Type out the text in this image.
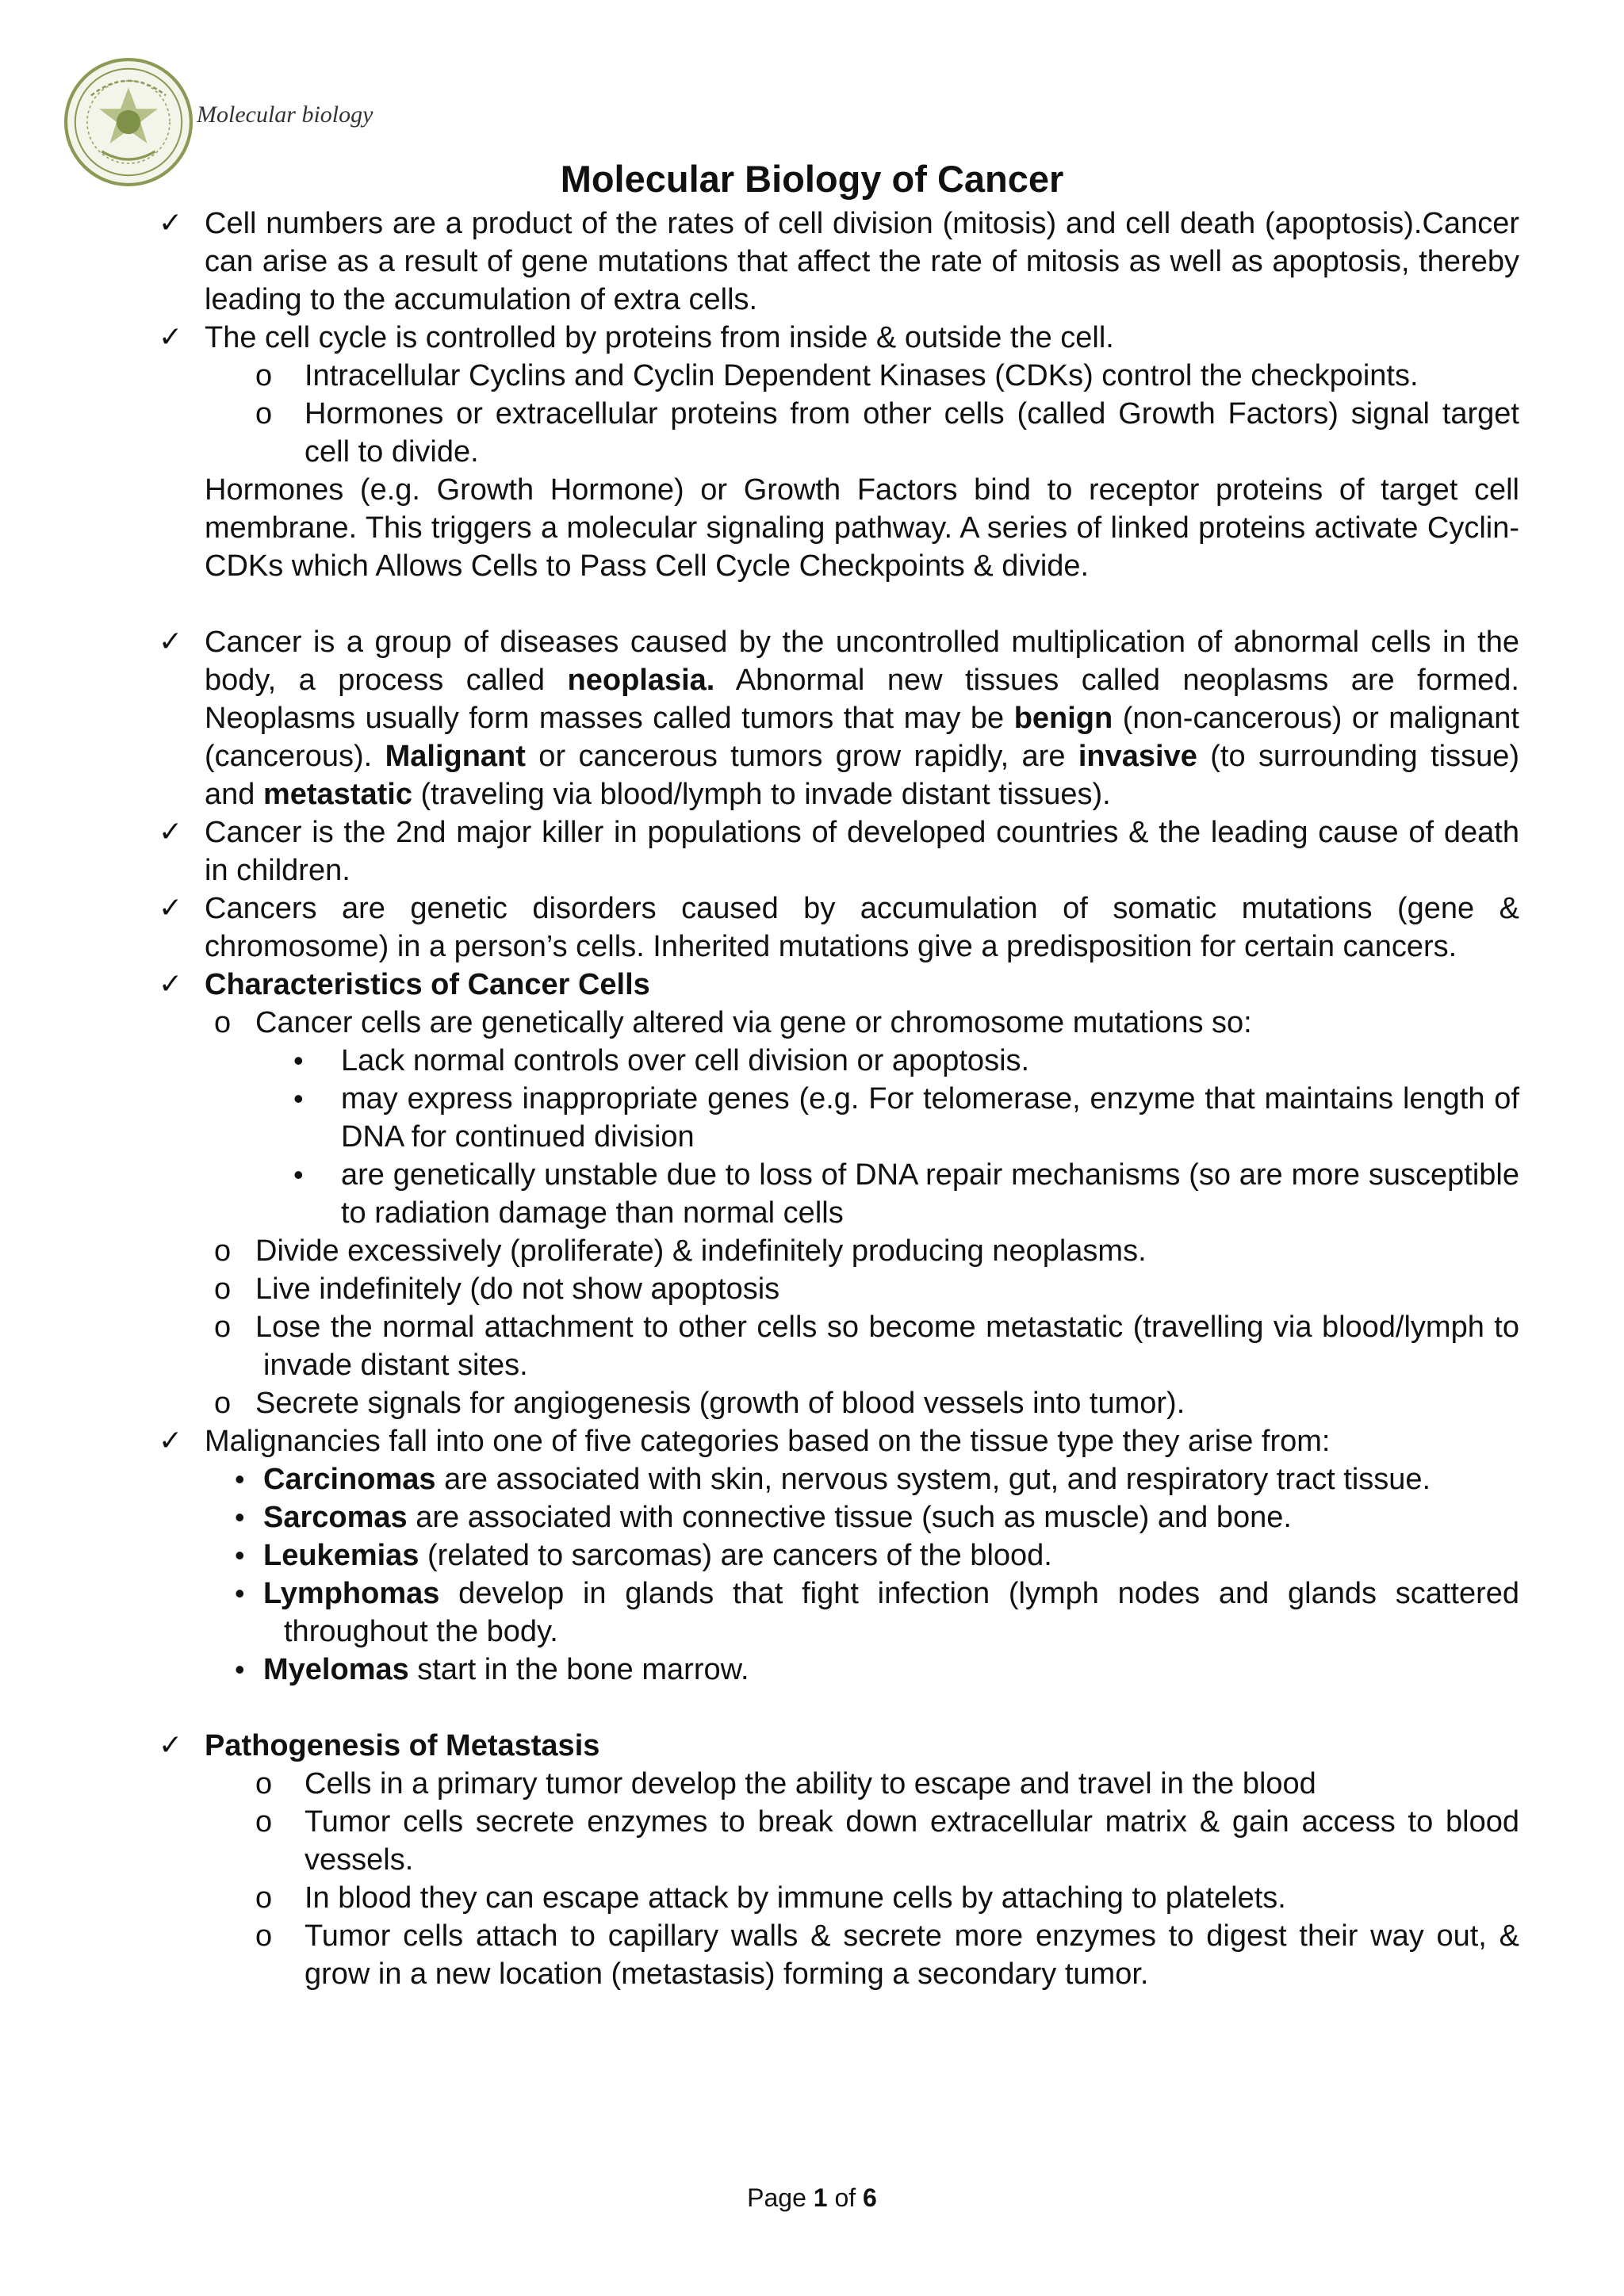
Molecular biology
Molecular Biology of Cancer
✓ Cell numbers are a product of the rates of cell division (mitosis) and cell death (apoptosis).Cancer can arise as a result of gene mutations that affect the rate of mitosis as well as apoptosis, thereby leading to the accumulation of extra cells.
✓ The cell cycle is controlled by proteins from inside & outside the cell.
o Intracellular Cyclins and Cyclin Dependent Kinases (CDKs) control the checkpoints.
o Hormones or extracellular proteins from other cells (called Growth Factors) signal target cell to divide.
Hormones (e.g. Growth Hormone) or Growth Factors bind to receptor proteins of target cell membrane. This triggers a molecular signaling pathway. A series of linked proteins activate Cyclin- CDKs which Allows Cells to Pass Cell Cycle Checkpoints & divide.
✓ Cancer is a group of diseases caused by the uncontrolled multiplication of abnormal cells in the body, a process called neoplasia. Abnormal new tissues called neoplasms are formed. Neoplasms usually form masses called tumors that may be benign (non-cancerous) or malignant (cancerous). Malignant or cancerous tumors grow rapidly, are invasive (to surrounding tissue) and metastatic (traveling via blood/lymph to invade distant tissues).
✓ Cancer is the 2nd major killer in populations of developed countries & the leading cause of death in children.
✓ Cancers are genetic disorders caused by accumulation of somatic mutations (gene & chromosome) in a person’s cells. Inherited mutations give a predisposition for certain cancers.
✓ Characteristics of Cancer Cells
o Cancer cells are genetically altered via gene or chromosome mutations so:
• Lack normal controls over cell division or apoptosis.
• may express inappropriate genes (e.g. For telomerase, enzyme that maintains length of DNA for continued division
• are genetically unstable due to loss of DNA repair mechanisms (so are more susceptible to radiation damage than normal cells
o Divide excessively (proliferate) & indefinitely producing neoplasms.
o Live indefinitely (do not show apoptosis
o Lose the normal attachment to other cells so become metastatic (travelling via blood/lymph to invade distant sites.
o Secrete signals for angiogenesis (growth of blood vessels into tumor).
✓ Malignancies fall into one of five categories based on the tissue type they arise from:
• Carcinomas are associated with skin, nervous system, gut, and respiratory tract tissue.
• Sarcomas are associated with connective tissue (such as muscle) and bone.
• Leukemias (related to sarcomas) are cancers of the blood.
• Lymphomas develop in glands that fight infection (lymph nodes and glands scattered throughout the body.
• Myelomas start in the bone marrow.
✓ Pathogenesis of Metastasis
o Cells in a primary tumor develop the ability to escape and travel in the blood
o Tumor cells secrete enzymes to break down extracellular matrix & gain access to blood vessels.
o In blood they can escape attack by immune cells by attaching to platelets.
o Tumor cells attach to capillary walls & secrete more enzymes to digest their way out, & grow in a new location (metastasis) forming a secondary tumor.
Page 1 of 6
